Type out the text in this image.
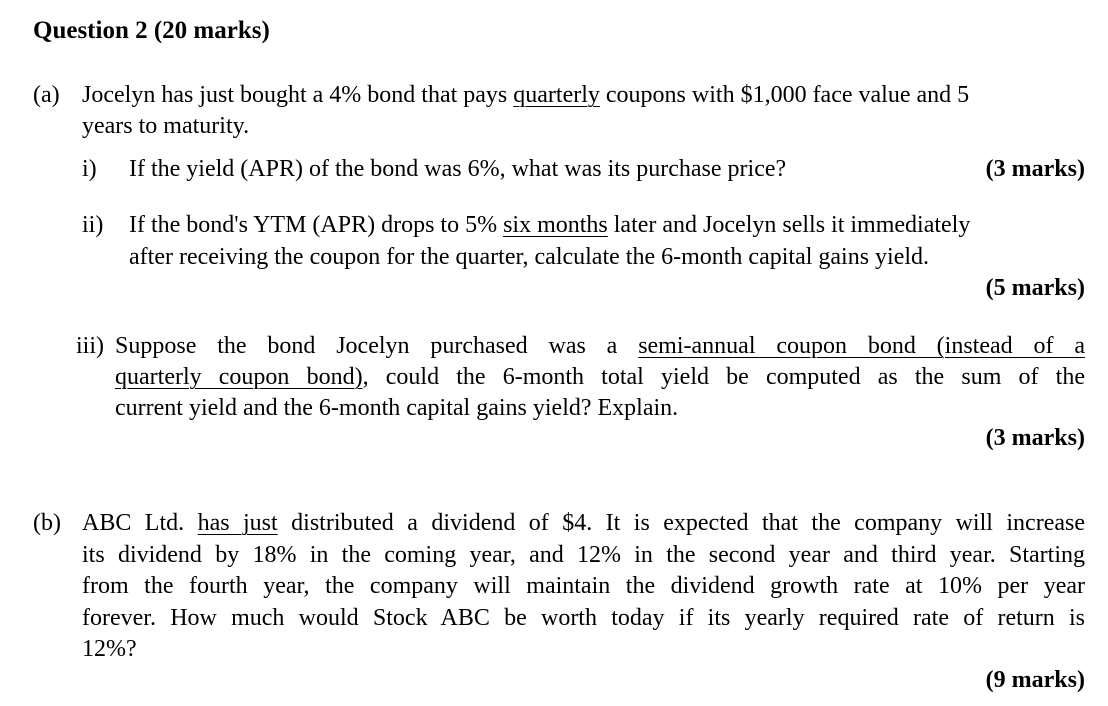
Question 2 (20 marks)
(a) Jocelyn has just bought a 4% bond that pays quarterly coupons with $1,000 face value and 5
years to maturity.
i) If the yield (APR) of the bond was 6%, what was its purchase price?	(3 marks)
ii) If the bond's YTM (APR) drops to 5% six months later and Jocelyn sells it immediately
after receiving the coupon for the quarter, calculate the 6-month capital gains yield.
(5 marks)
iii) Suppose the bond Jocelyn purchased was a semi-annual coupon bond (instead of a
quarterly coupon bond), could the 6-month total yield be computed as the sum of the
current yield and the 6-month capital gains yield? Explain.
(3 marks)
(b) ABC Ltd. has just distributed a dividend of $4. It is expected that the company will increase
its dividend by 18% in the coming year, and 12% in the second year and third year. Starting
from the fourth year, the company will maintain the dividend growth rate at 10% per year
forever. How much would Stock ABC be worth today if its yearly required rate of return is
12%?
(9 marks)
